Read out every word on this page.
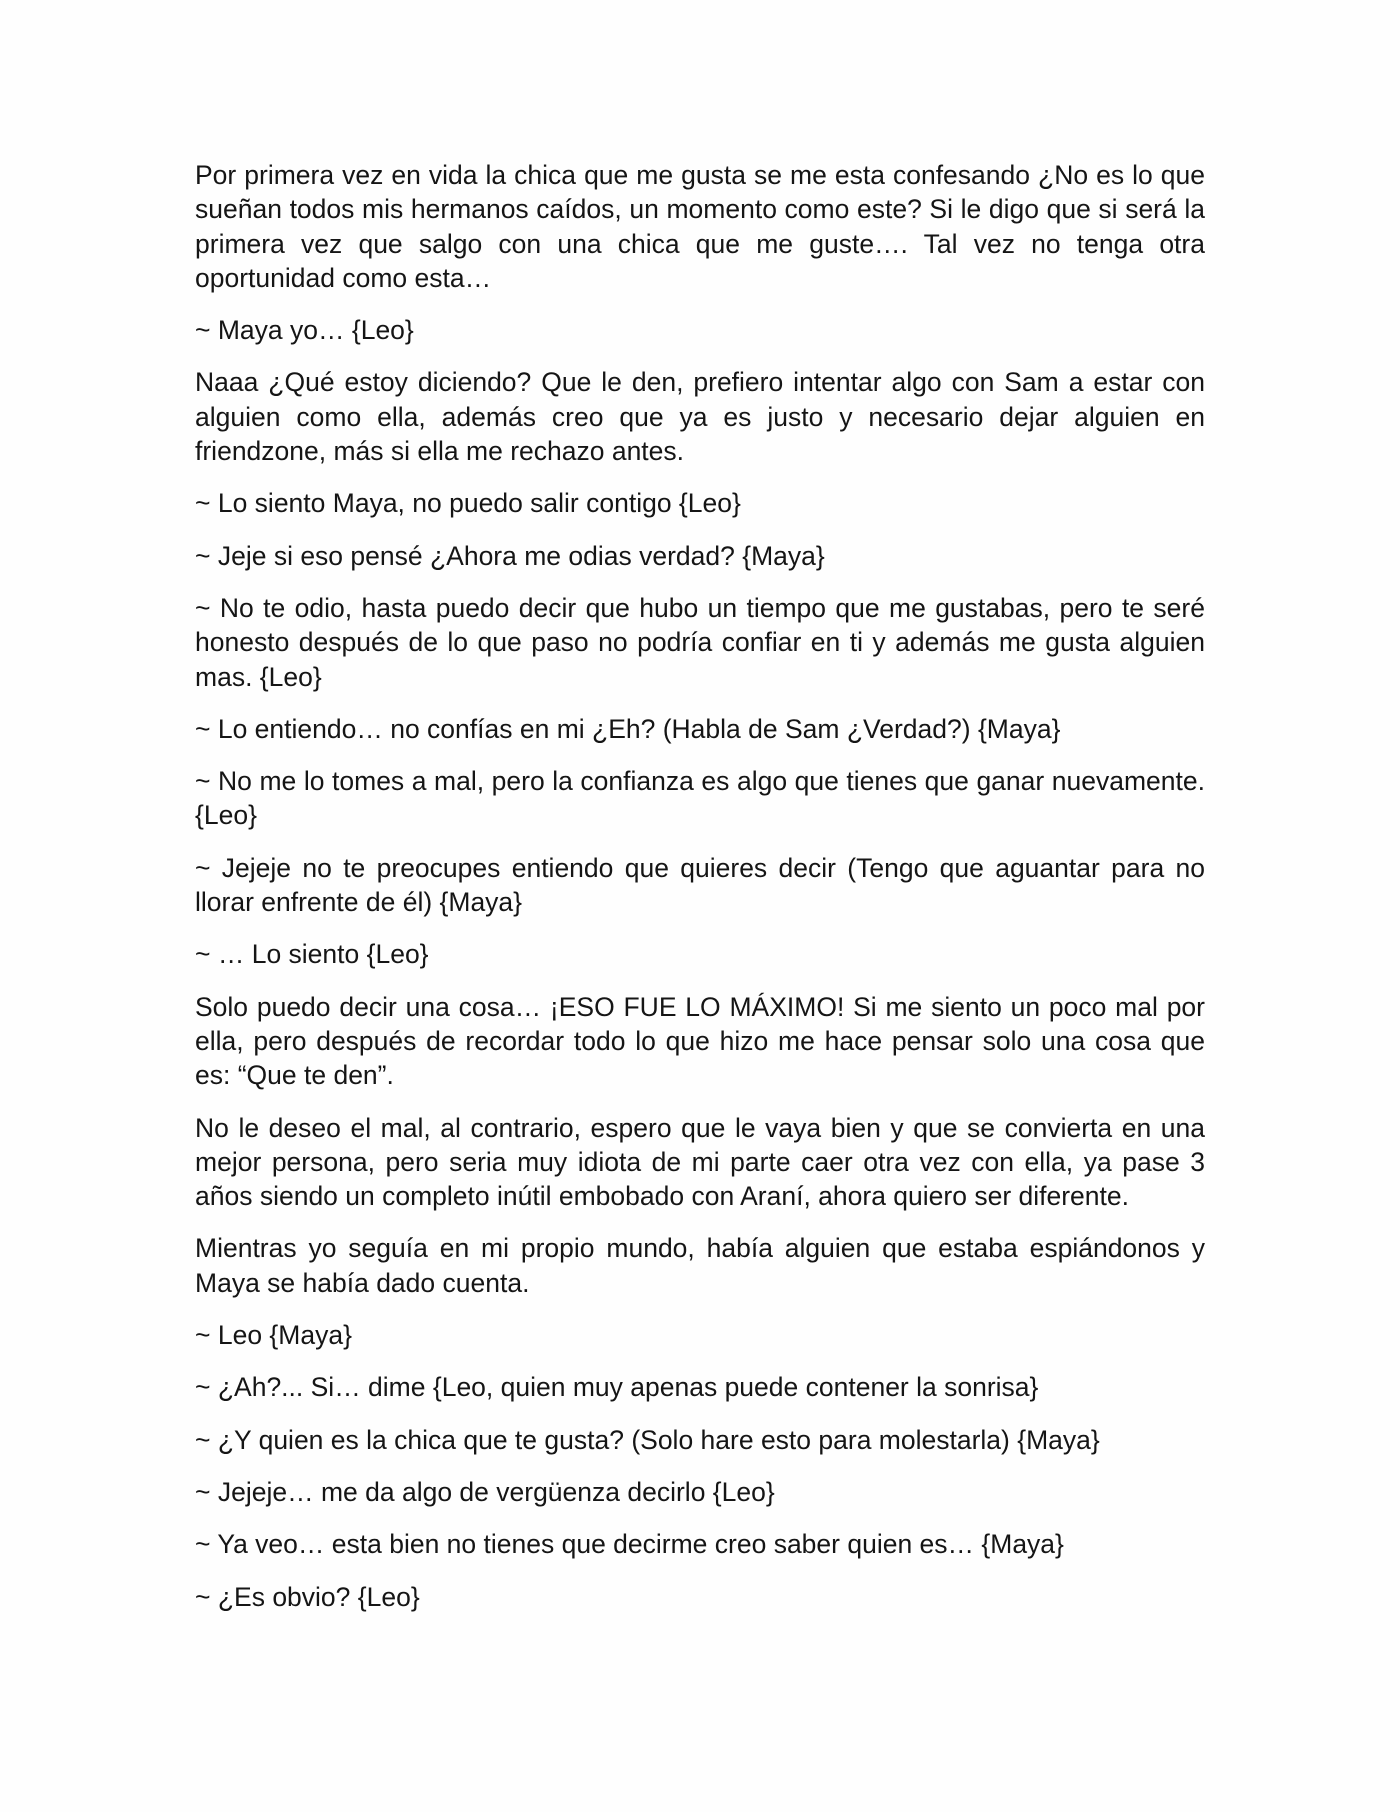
Por primera vez en vida la chica que me gusta se me esta confesando ¿No es lo que sueñan todos mis hermanos caídos, un momento como este? Si le digo que si será la primera vez que salgo con una chica que me guste…. Tal vez no tenga otra oportunidad como esta…

~ Maya yo… {Leo}

Naaa ¿Qué estoy diciendo? Que le den, prefiero intentar algo con Sam a estar con alguien como ella, además creo que ya es justo y necesario dejar alguien en friendzone, más si ella me rechazo antes.

~ Lo siento Maya, no puedo salir contigo {Leo}

~ Jeje si eso pensé ¿Ahora me odias verdad? {Maya}

~ No te odio, hasta puedo decir que hubo un tiempo que me gustabas, pero te seré honesto después de lo que paso no podría confiar en ti y además me gusta alguien mas. {Leo}

~ Lo entiendo… no confías en mi ¿Eh? (Habla de Sam ¿Verdad?) {Maya}

~ No me lo tomes a mal, pero la confianza es algo que tienes que ganar nuevamente. {Leo}

~ Jejeje no te preocupes entiendo que quieres decir (Tengo que aguantar para no llorar enfrente de él) {Maya}

~ … Lo siento {Leo}

Solo puedo decir una cosa… ¡ESO FUE LO MÁXIMO! Si me siento un poco mal por ella, pero después de recordar todo lo que hizo me hace pensar solo una cosa que es: “Que te den”.

No le deseo el mal, al contrario, espero que le vaya bien y que se convierta en una mejor persona, pero seria muy idiota de mi parte caer otra vez con ella, ya pase 3 años siendo un completo inútil embobado con Araní, ahora quiero ser diferente.

Mientras yo seguía en mi propio mundo, había alguien que estaba espiándonos y Maya se había dado cuenta.

~ Leo {Maya}

~ ¿Ah?... Si… dime {Leo, quien muy apenas puede contener la sonrisa}

~ ¿Y quien es la chica que te gusta? (Solo hare esto para molestarla) {Maya}

~ Jejeje… me da algo de vergüenza decirlo {Leo}

~ Ya veo… esta bien no tienes que decirme creo saber quien es… {Maya}

~ ¿Es obvio? {Leo}
